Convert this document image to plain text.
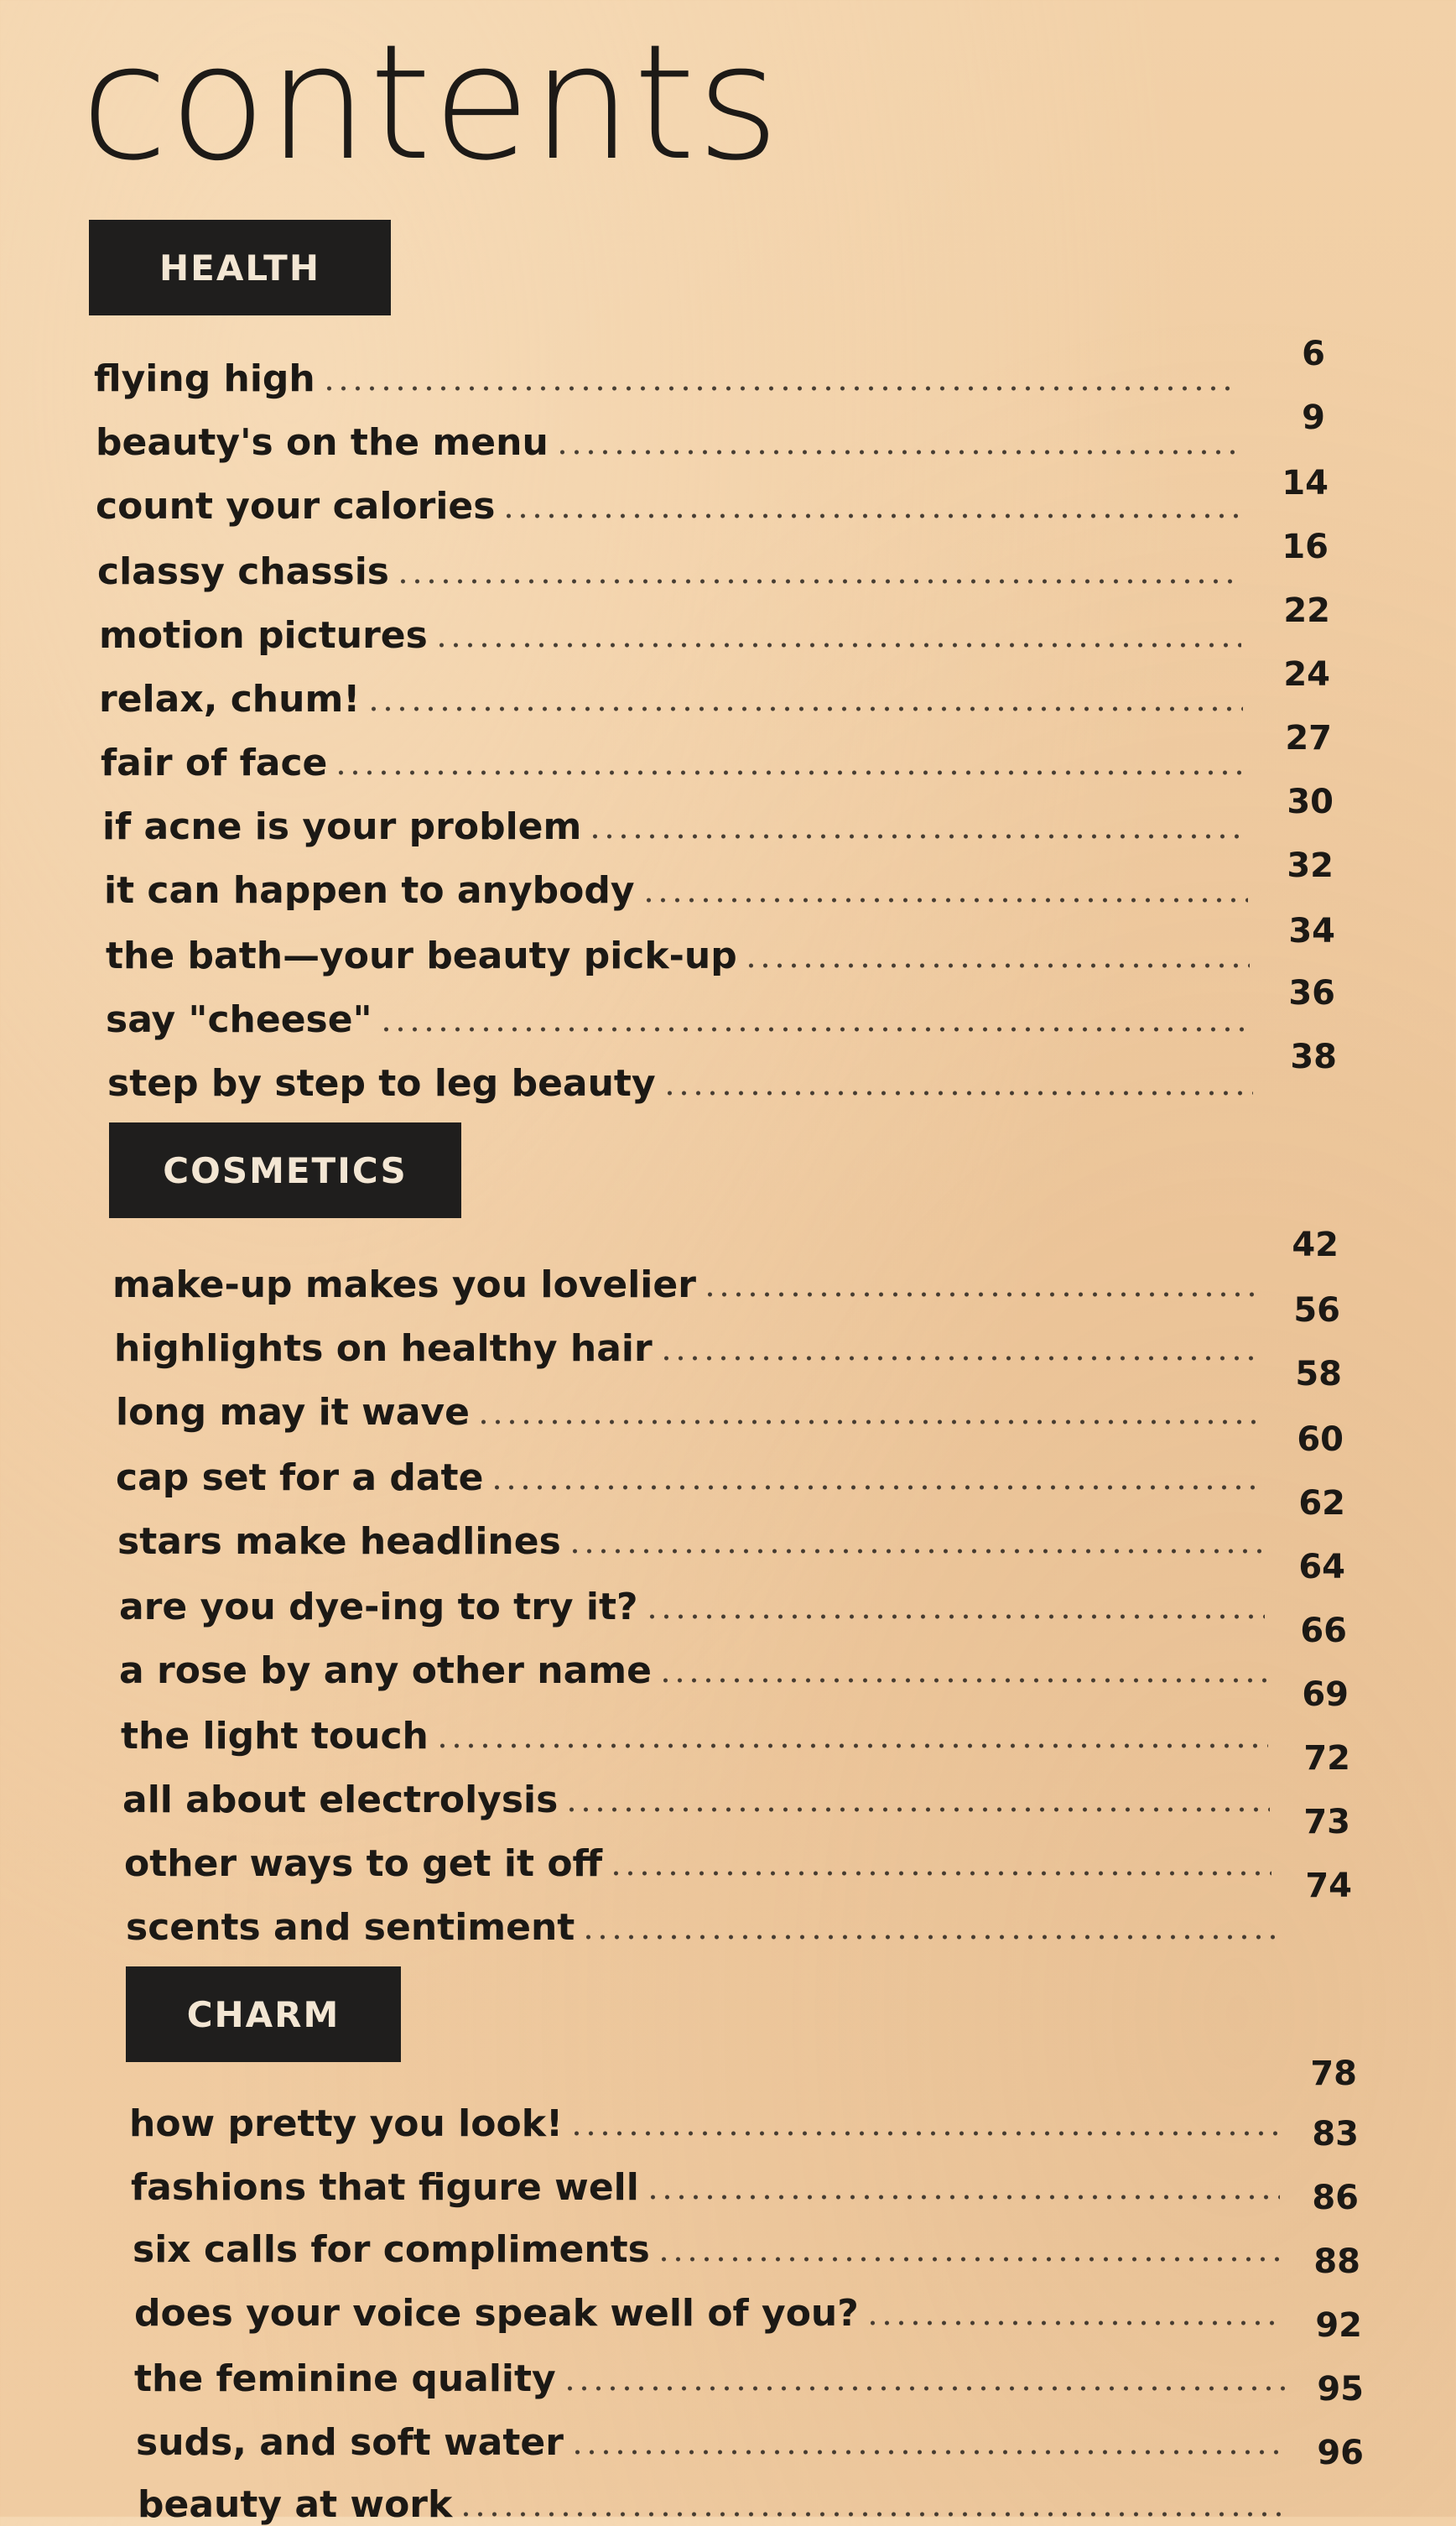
contents
HEALTH
flying high
6
beauty's on the menu
9
count your calories
14
classy chassis
16
motion pictures
22
relax, chum!
24
fair of face
27
if acne is your problem
30
it can happen to anybody
32
the bath—your beauty pick-up
34
say "cheese"
36
step by step to leg beauty
38
COSMETICS
make-up makes you lovelier
42
highlights on healthy hair
56
long may it wave
58
cap set for a date
60
stars make headlines
62
are you dye-ing to try it?
64
a rose by any other name
66
the light touch
69
all about electrolysis
72
other ways to get it off
73
scents and sentiment
74
CHARM
how pretty you look!
78
fashions that figure well
83
six calls for compliments
86
does your voice speak well of you?
88
the feminine quality
92
suds, and soft water
95
beauty at work
96
